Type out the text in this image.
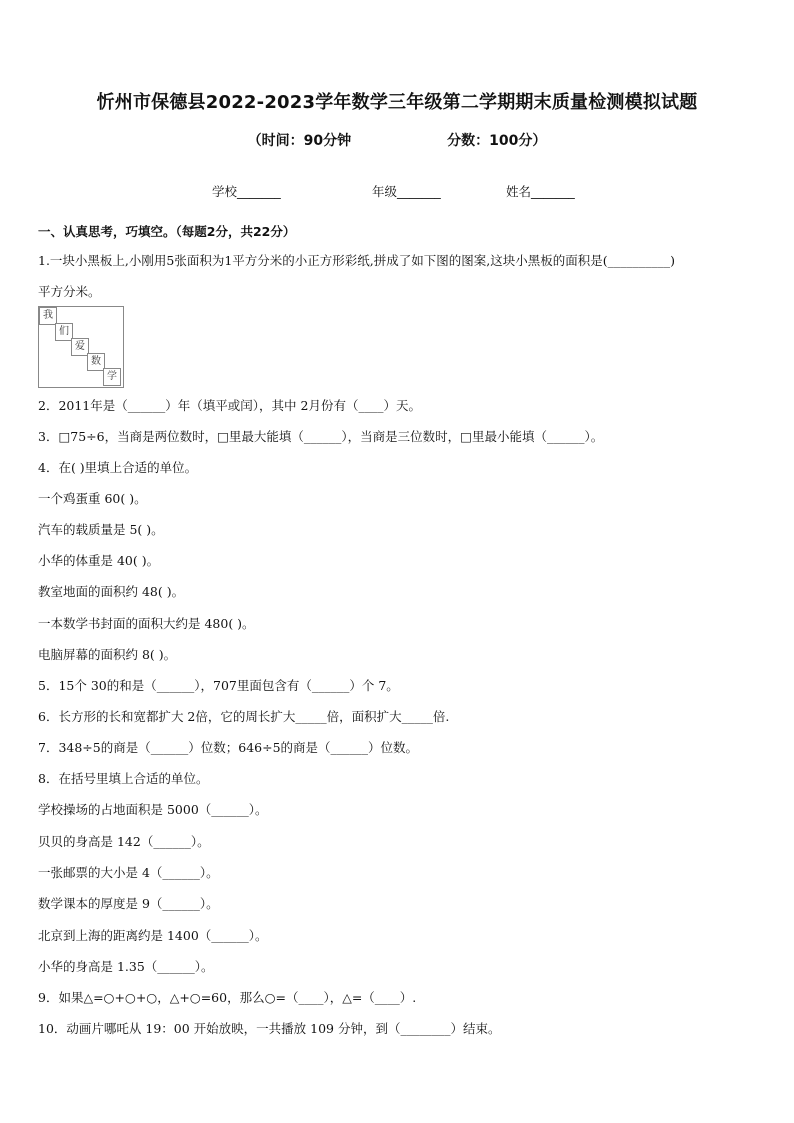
忻州市保德县2022-2023学年数学三年级第二学期期末质量检测模拟试题
（时间：90分钟	分数：100分）
学校_______	年级_______	姓名_______
一、认真思考，巧填空。（每题2分，共22分）
1.一块小黑板上,小刚用5张面积为1平方分米的小正方形彩纸,拼成了如下图的图案,这块小黑板的面积是(__________)
平方分米。
我
们
爱
数
学
2．2011年是（______）年（填平或闰），其中 2月份有（____）天。
3．□75÷6，当商是两位数时，□里最大能填（______），当商是三位数时，□里最小能填（______）。
4．在( )里填上合适的单位。
一个鸡蛋重 60( )。
汽车的载质量是 5( )。
小华的体重是 40( )。
教室地面的面积约 48( )。
一本数学书封面的面积大约是 480( )。
电脑屏幕的面积约 8( )。
5．15个 30的和是（______），707里面包含有（______）个 7。
6．长方形的长和宽都扩大 2倍，它的周长扩大_____倍，面积扩大_____倍.
7．348÷5的商是（______）位数；646÷5的商是（______）位数。
8．在括号里填上合适的单位。
学校操场的占地面积是 5000（______）。
贝贝的身高是 142（______）。
一张邮票的大小是 4（______）。
数学课本的厚度是 9（______）。
北京到上海的距离约是 1400（______）。
小华的身高是 1.35（______）。
9．如果△=○+○+○，△+○=60，那么○=（____），△=（____）.
10．动画片哪吒从 19：00 开始放映，一共播放 109 分钟，到（________）结束。
